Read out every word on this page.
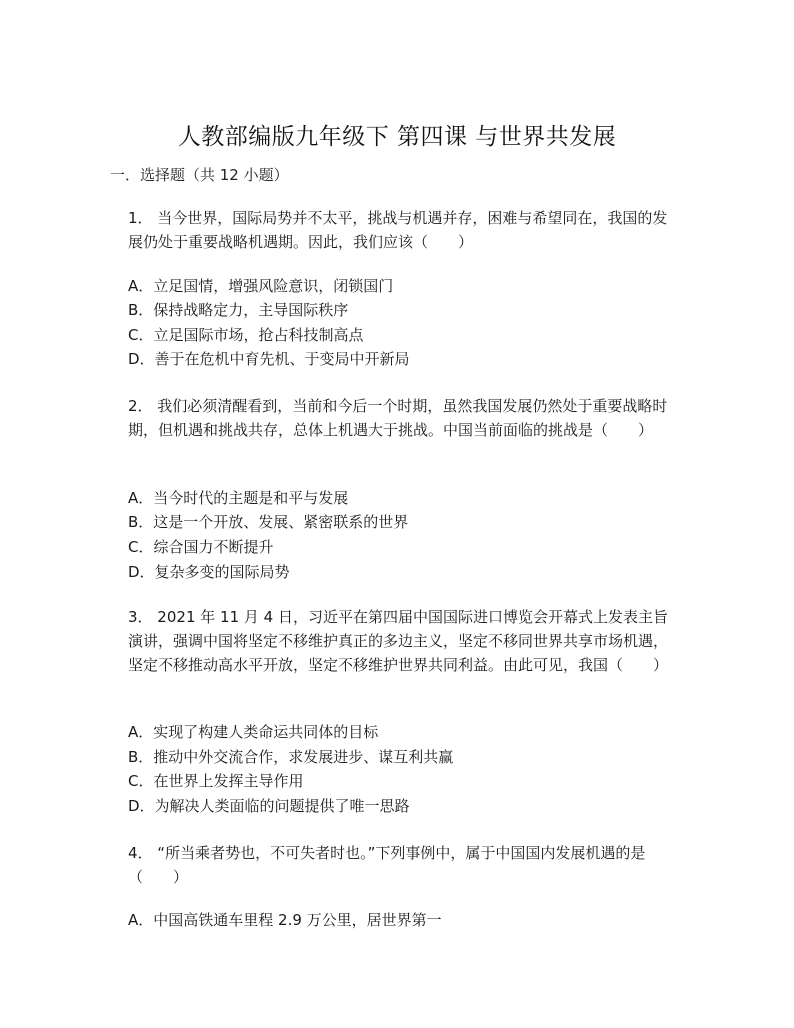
人教部编版九年级下 第四课 与世界共发展
一．选择题（共 12 小题）
1． 当今世界，国际局势并不太平，挑战与机遇并存，困难与希望同在，我国的发展仍处于重要战略机遇期。因此，我们应该（　　）
A．立足国情，增强风险意识，闭锁国门
B．保持战略定力，主导国际秩序
C．立足国际市场，抢占科技制高点
D．善于在危机中育先机、于变局中开新局
2． 我们必须清醒看到，当前和今后一个时期，虽然我国发展仍然处于重要战略时期，但机遇和挑战共存，总体上机遇大于挑战。中国当前面临的挑战是（　　）
A．当今时代的主题是和平与发展
B．这是一个开放、发展、紧密联系的世界
C．综合国力不断提升
D．复杂多变的国际局势
3． 2021 年 11 月 4 日，习近平在第四届中国国际进口博览会开幕式上发表主旨演讲，强调中国将坚定不移维护真正的多边主义，坚定不移同世界共享市场机遇，坚定不移推动高水平开放，坚定不移维护世界共同利益。由此可见，我国（　　）
A．实现了构建人类命运共同体的目标
B．推动中外交流合作，求发展进步、谋互利共赢
C．在世界上发挥主导作用
D．为解决人类面临的问题提供了唯一思路
4． “所当乘者势也，不可失者时也。”下列事例中，属于中国国内发展机遇的是（　　）
A．中国高铁通车里程 2.9 万公里，居世界第一
